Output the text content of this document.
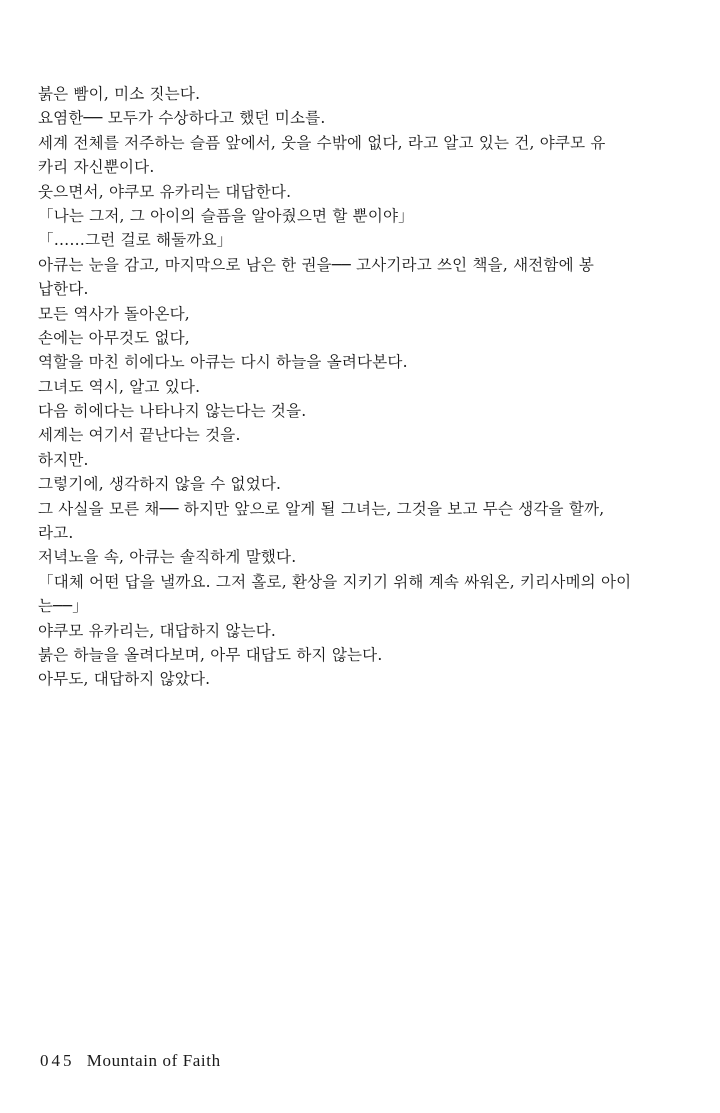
붉은 빰이, 미소 짓는다.
요염한── 모두가 수상하다고 했던 미소를.
세계 전체를 저주하는 슬픔 앞에서, 웃을 수밖에 없다, 라고 알고 있는 건, 야쿠모 유
카리 자신뿐이다.
웃으면서, 야쿠모 유카리는 대답한다.
「나는 그저, 그 아이의 슬픔을 알아줬으면 할 뿐이야」
「……그런 걸로 해둘까요」
아큐는 눈을 감고, 마지막으로 남은 한 권을── 고사기라고 쓰인 책을, 새전함에 봉
납한다.
모든 역사가 돌아온다,
손에는 아무것도 없다,
역할을 마친 히에다노 아큐는 다시 하늘을 올려다본다.
그녀도 역시, 알고 있다.
다음 히에다는 나타나지 않는다는 것을.
세계는 여기서 끝난다는 것을.
하지만.
그렇기에, 생각하지 않을 수 없었다.
그 사실을 모른 채── 하지만 앞으로 알게 될 그녀는, 그것을 보고 무슨 생각을 할까,
라고.
저녁노을 속, 아큐는 솔직하게 말했다.
「대체 어떤 답을 낼까요. 그저 홀로, 환상을 지키기 위해 계속 싸워온, 키리사메의 아이
는──」
야쿠모 유카리는, 대답하지 않는다.
붉은 하늘을 올려다보며, 아무 대답도 하지 않는다.
아무도, 대답하지 않았다.
045 Mountain of Faith
